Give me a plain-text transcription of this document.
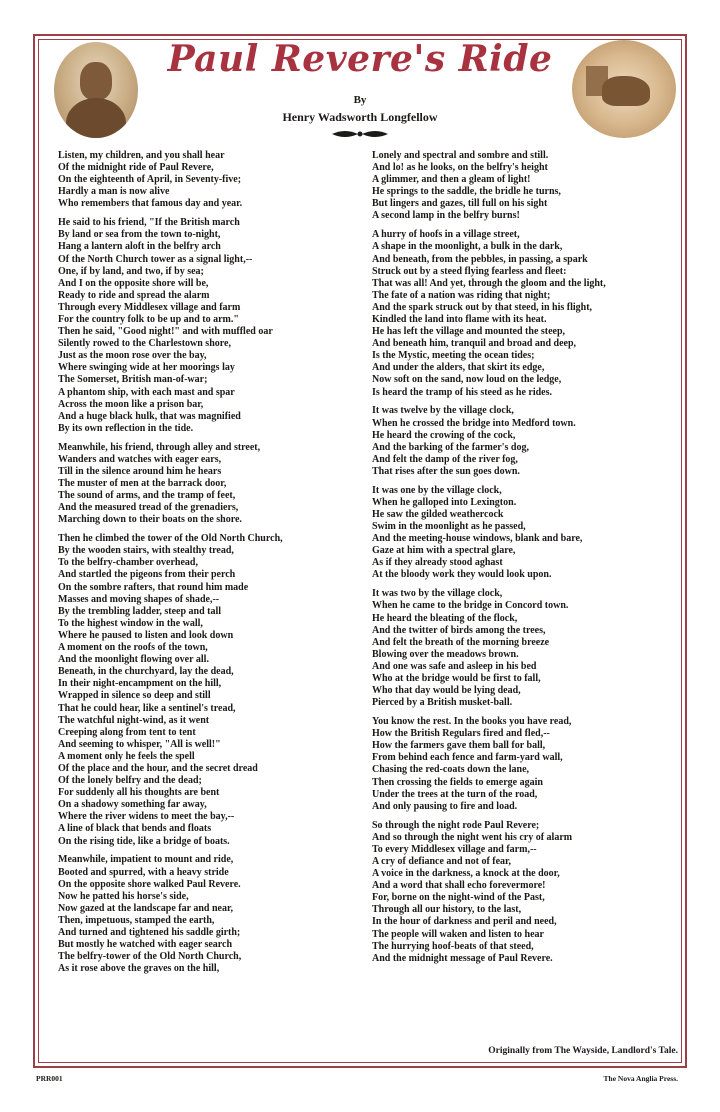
Paul Revere's Ride
By
Henry Wadsworth Longfellow
Listen, my children, and you shall hear
Of the midnight ride of Paul Revere,
On the eighteenth of April, in Seventy-five;
Hardly a man is now alive
Who remembers that famous day and year.
He said to his friend, "If the British march
By land or sea from the town to-night,
Hang a lantern aloft in the belfry arch
Of the North Church tower as a signal light,--
One, if by land, and two, if by sea;
And I on the opposite shore will be,
Ready to ride and spread the alarm
Through every Middlesex village and farm
For the country folk to be up and to arm."
Then he said, "Good night!" and with muffled oar
Silently rowed to the Charlestown shore,
Just as the moon rose over the bay,
Where swinging wide at her moorings lay
The Somerset, British man-of-war;
A phantom ship, with each mast and spar
Across the moon like a prison bar,
And a huge black hulk, that was magnified
By its own reflection in the tide.
Meanwhile, his friend, through alley and street,
Wanders and watches with eager ears,
Till in the silence around him he hears
The muster of men at the barrack door,
The sound of arms, and the tramp of feet,
And the measured tread of the grenadiers,
Marching down to their boats on the shore.
Then he climbed the tower of the Old North Church,
By the wooden stairs, with stealthy tread,
To the belfry-chamber overhead,
And startled the pigeons from their perch
On the sombre rafters, that round him made
Masses and moving shapes of shade,--
By the trembling ladder, steep and tall
To the highest window in the wall,
Where he paused to listen and look down
A moment on the roofs of the town,
And the moonlight flowing over all.
Beneath, in the churchyard, lay the dead,
In their night-encampment on the hill,
Wrapped in silence so deep and still
That he could hear, like a sentinel's tread,
The watchful night-wind, as it went
Creeping along from tent to tent
And seeming to whisper, "All is well!"
A moment only he feels the spell
Of the place and the hour, and the secret dread
Of the lonely belfry and the dead;
For suddenly all his thoughts are bent
On a shadowy something far away,
Where the river widens to meet the bay,--
A line of black that bends and floats
On the rising tide, like a bridge of boats.
Meanwhile, impatient to mount and ride,
Booted and spurred, with a heavy stride
On the opposite shore walked Paul Revere.
Now he patted his horse's side,
Now gazed at the landscape far and near,
Then, impetuous, stamped the earth,
And turned and tightened his saddle girth;
But mostly he watched with eager search
The belfry-tower of the Old North Church,
As it rose above the graves on the hill,
Lonely and spectral and sombre and still.
And lo! as he looks, on the belfry's height
A glimmer, and then a gleam of light!
He springs to the saddle, the bridle he turns,
But lingers and gazes, till full on his sight
A second lamp in the belfry burns!
A hurry of hoofs in a village street,
A shape in the moonlight, a bulk in the dark,
And beneath, from the pebbles, in passing, a spark
Struck out by a steed flying fearless and fleet:
That was all! And yet, through the gloom and the light,
The fate of a nation was riding that night;
And the spark struck out by that steed, in his flight,
Kindled the land into flame with its heat.
He has left the village and mounted the steep,
And beneath him, tranquil and broad and deep,
Is the Mystic, meeting the ocean tides;
And under the alders, that skirt its edge,
Now soft on the sand, now loud on the ledge,
Is heard the tramp of his steed as he rides.
It was twelve by the village clock,
When he crossed the bridge into Medford town.
He heard the crowing of the cock,
And the barking of the farmer's dog,
And felt the damp of the river fog,
That rises after the sun goes down.
It was one by the village clock,
When he galloped into Lexington.
He saw the gilded weathercock
Swim in the moonlight as he passed,
And the meeting-house windows, blank and bare,
Gaze at him with a spectral glare,
As if they already stood aghast
At the bloody work they would look upon.
It was two by the village clock,
When he came to the bridge in Concord town.
He heard the bleating of the flock,
And the twitter of birds among the trees,
And felt the breath of the morning breeze
Blowing over the meadows brown.
And one was safe and asleep in his bed
Who at the bridge would be first to fall,
Who that day would be lying dead,
Pierced by a British musket-ball.
You know the rest. In the books you have read,
How the British Regulars fired and fled,--
How the farmers gave them ball for ball,
From behind each fence and farm-yard wall,
Chasing the red-coats down the lane,
Then crossing the fields to emerge again
Under the trees at the turn of the road,
And only pausing to fire and load.
So through the night rode Paul Revere;
And so through the night went his cry of alarm
To every Middlesex village and farm,--
A cry of defiance and not of fear,
A voice in the darkness, a knock at the door,
And a word that shall echo forevermore!
For, borne on the night-wind of the Past,
Through all our history, to the last,
In the hour of darkness and peril and need,
The people will waken and listen to hear
The hurrying hoof-beats of that steed,
And the midnight message of Paul Revere.
Originally from The Wayside, Landlord's Tale.
PRR001	The Nova Anglia Press.
